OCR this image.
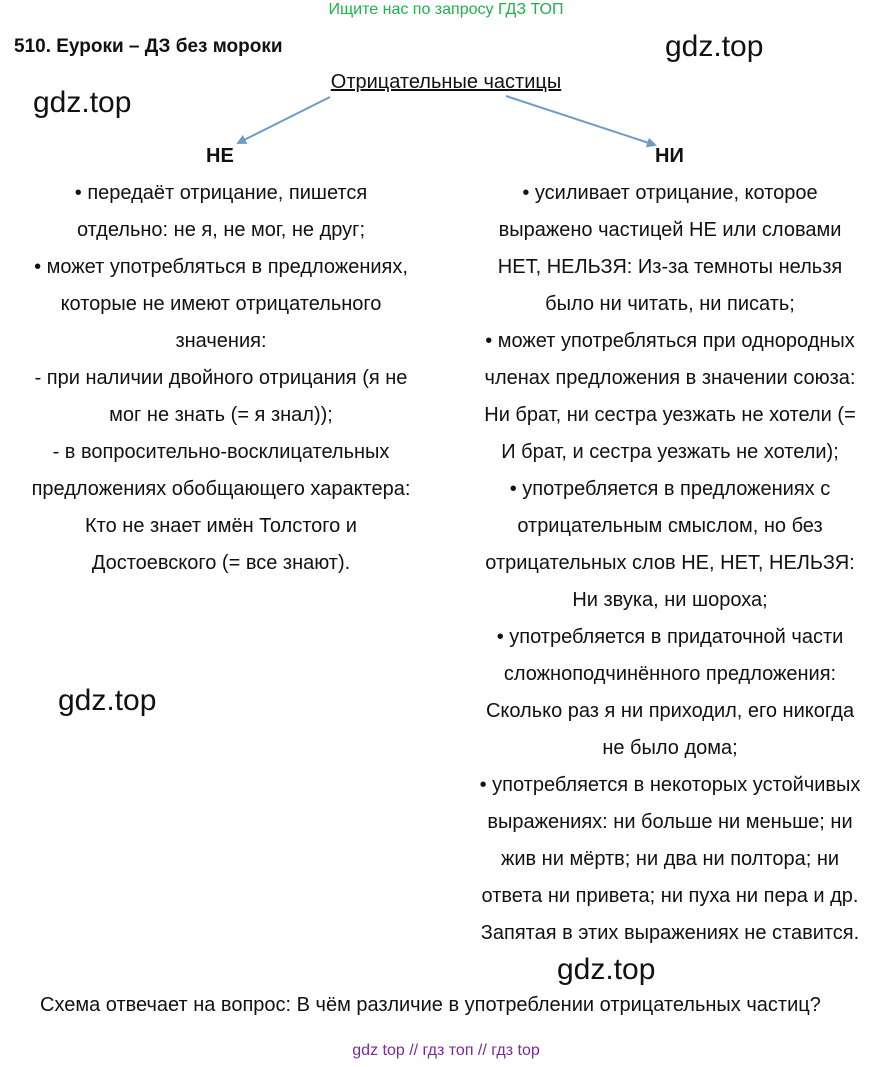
Ищите нас по запросу ГДЗ ТОП
510. Еуроки – ДЗ без мороки	gdz.top
gdz.top
gdz.top
gdz.top
Отрицательные частицы
НЕ	НИ
• передаёт отрицание, пишется
отдельно: не я, не мог, не друг;
• может употребляться в предложениях,
которые не имеют отрицательного
значения:
- при наличии двойного отрицания (я не
мог не знать (= я знал));
- в вопросительно-восклицательных
предложениях обобщающего характера:
Кто не знает имён Толстого и
Достоевского (= все знают).
• усиливает отрицание, которое
выражено частицей НЕ или словами
НЕТ, НЕЛЬЗЯ: Из-за темноты нельзя
было ни читать, ни писать;
• может употребляться при однородных
членах предложения в значении союза:
Ни брат, ни сестра уезжать не хотели (=
И брат, и сестра уезжать не хотели);
• употребляется в предложениях с
отрицательным смыслом, но без
отрицательных слов НЕ, НЕТ, НЕЛЬЗЯ:
Ни звука, ни шороха;
• употребляется в придаточной части
сложноподчинённого предложения:
Сколько раз я ни приходил, его никогда
не было дома;
• употребляется в некоторых устойчивых
выражениях: ни больше ни меньше; ни
жив ни мёртв; ни два ни полтора; ни
ответа ни привета; ни пуха ни пера и др.
Запятая в этих выражениях не ставится.
Схема отвечает на вопрос: В чём различие в употреблении отрицательных частиц?
gdz top // гдз топ // гдз top
